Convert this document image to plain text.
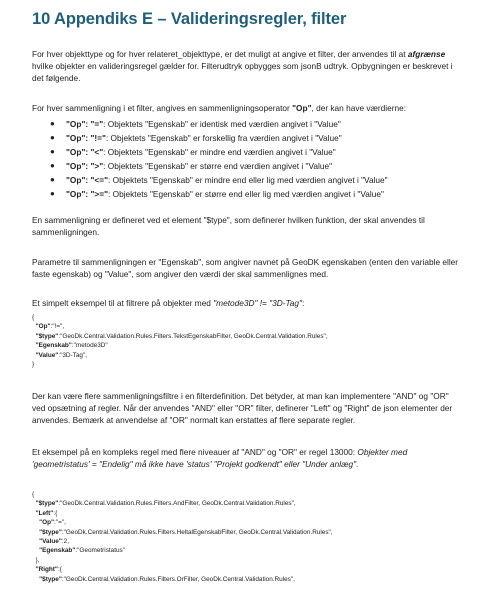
10 Appendiks E – Valideringsregler, filter

For hver objekttype og for hver relateret_objekttype, er det muligt at angive et filter, der anvendes til at afgrænse hvilke objekter en valideringsregel gælder for. Filterudtryk opbygges som jsonB udtryk. Opbygningen er beskrevet i det følgende.

For hver sammenligning i et filter, angives en sammenligningsoperator "Op", der kan have værdierne:

● "Op": "=": Objektets "Egenskab" er identisk med værdien angivet i "Value"
● "Op": "!=": Objektets "Egenskab" er forskellig fra værdien angivet i "Value"
● "Op": "<": Objektets "Egenskab" er mindre end værdien angivet i "Value"
● "Op": ">": Objektets "Egenskab" er større end værdien angivet i "Value"
● "Op": "<=": Objektets "Egenskab" er mindre end eller lig med værdien angivet i "Value"
● "Op": ">=": Objektets "Egenskab" er større end eller lig med værdien angivet i "Value"

En sammenligning er defineret ved et element "$type", som definerer hvilken funktion, der skal anvendes til sammenligningen.

Parametre til sammenligningen er "Egenskab", som angiver navnet på GeoDK egenskaben (enten den variable eller faste egenskab) og "Value", som angiver den værdi der skal sammenlignes med.

Et simpelt eksempel til at filtrere på objekter med "metode3D" != "3D-Tag":

{
"Op":"!=",
"$type":"GeoDk.Central.Validation.Rules.Filters.TekstEgenskabFilter, GeoDk.Central.Validation.Rules",
"Egenskab":"metode3D"
"Value":"3D-Tag",
}

Der kan være flere sammenligningsfiltre i en filterdefinition. Det betyder, at man kan implementere "AND" og "OR" ved opsætning af regler. Når der anvendes "AND" eller "OR" filter, definerer "Left" og "Right" de json elementer der anvendes. Bemærk at anvendelse af "OR" normalt kan erstattes af flere separate regler.

Et eksempel på en kompleks regel med flere niveauer af "AND" og "OR" er regel 13000: Objekter med 'geometristatus' = "Endelig" må ikke have 'status' "Projekt godkendt" eller "Under anlæg".

{
"$type":"GeoDk.Central.Validation.Rules.Filters.AndFilter, GeoDk.Central.Validation.Rules",
"Left":{
"Op":"=",
"$type":"GeoDk.Central.Validation.Rules.Filters.HeltalEgenskabFilter, GeoDk.Central.Validation.Rules",
"Value":2,
"Egenskab":"Geometristatus"
},
"Right":{
"$type":"GeoDk.Central.Validation.Rules.Filters.OrFilter, GeoDk.Central.Validation.Rules",
